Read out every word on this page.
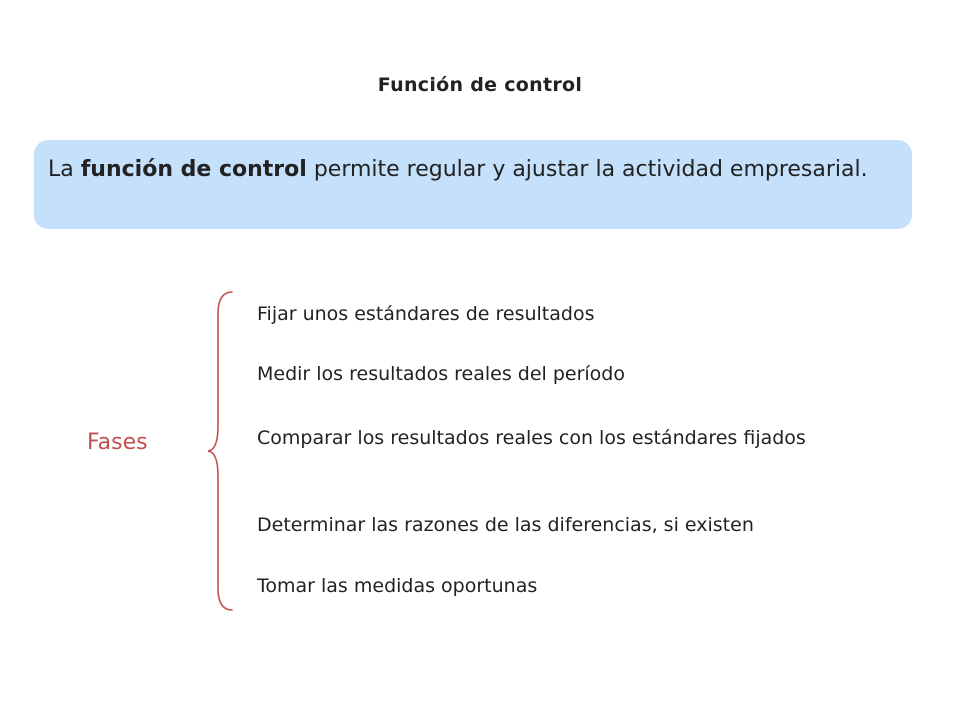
Función de control
La función de control permite regular y ajustar la actividad empresarial.
Fases
Fijar unos estándares de resultados
Medir los resultados reales del período
Comparar los resultados reales con los estándares fijados
Determinar las razones de las diferencias, si existen
Tomar las medidas oportunas
